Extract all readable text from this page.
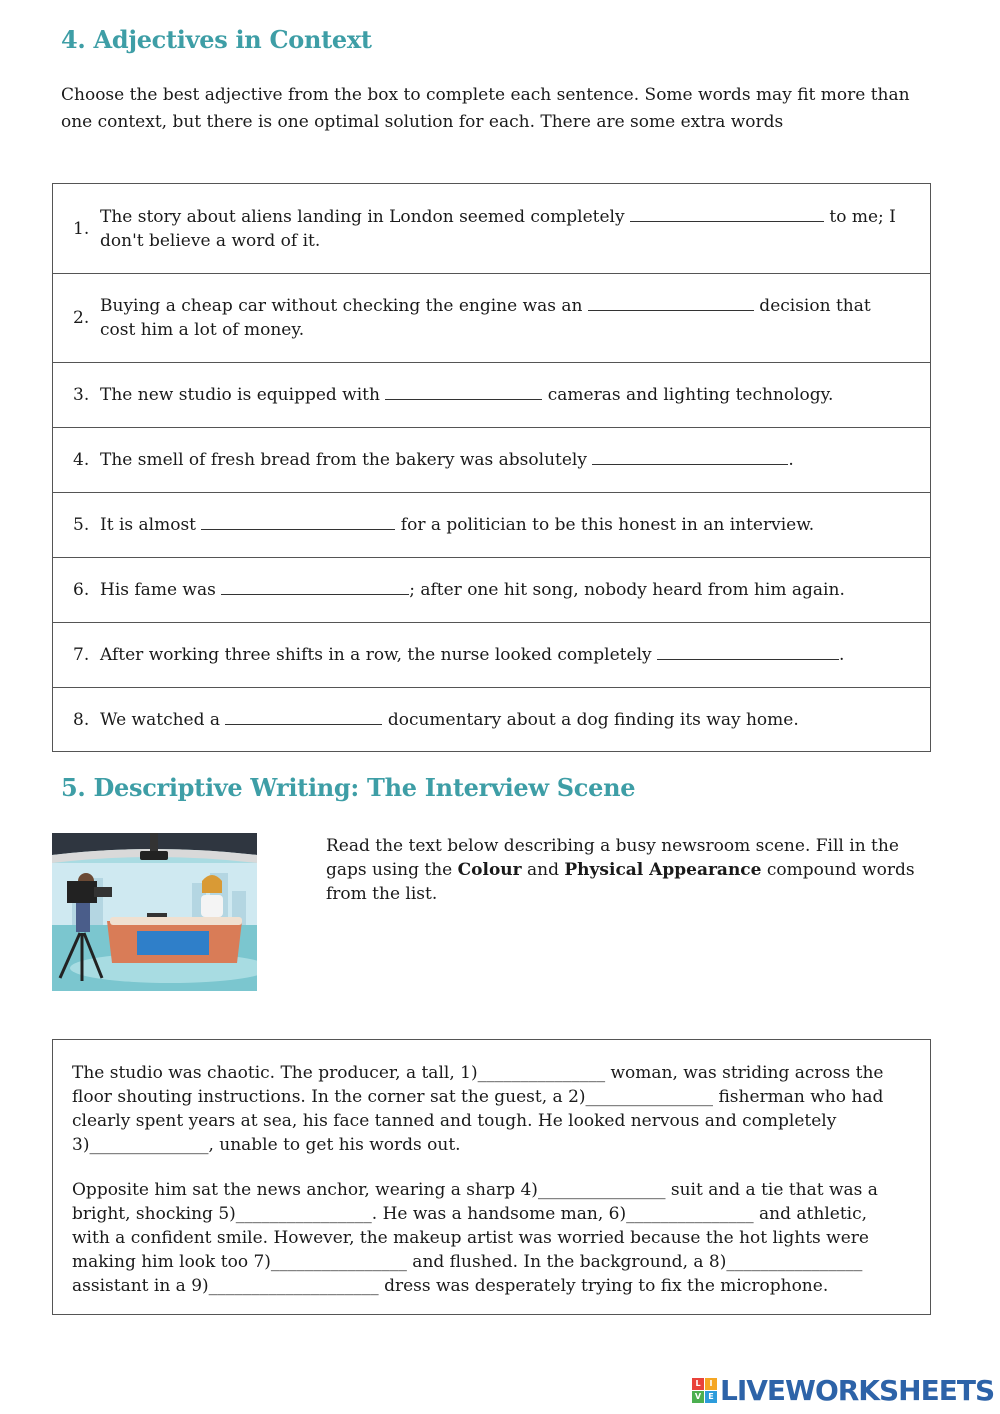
4. Adjectives in Context

Choose the best adjective from the box to complete each sentence. Some words may fit more than one context, but there is one optimal solution for each. There are some extra words

1.
The story about aliens landing in London seemed completely	to me; I don't believe a word of it.
2.
Buying a cheap car without checking the engine was an	decision that cost him a lot of money.
3. The new studio is equipped with	cameras and lighting technology.
4. The smell of fresh bread from the bakery was absolutely	.
5. It is almost	for a politician to be this honest in an interview.
6. His fame was	; after one hit song, nobody heard from him again.
7. After working three shifts in a row, the nurse looked completely	.
8. We watched a	documentary about a dog finding its way home.
5. Descriptive Writing: The Interview Scene

Read the text below describing a busy newsroom scene. Fill in the gaps using the Colour and Physical Appearance compound words from the list.

The studio was chaotic. The producer, a tall, 1)_______________ woman, was striding across the floor shouting instructions. In the corner sat the guest, a 2)_______________ fisherman who had clearly spent years at sea, his face tanned and tough. He looked nervous and completely 3)______________, unable to get his words out.

Opposite him sat the news anchor, wearing a sharp 4)_______________ suit and a tie that was a bright, shocking 5)________________. He was a handsome man, 6)_______________ and athletic, with a confident smile. However, the makeup artist was worried because the hot lights were making him look too 7)________________ and flushed. In the background, a 8)________________ assistant in a 9)____________________ dress was desperately trying to fix the microphone.

L	I
V E LIVEWORKSHEETS
